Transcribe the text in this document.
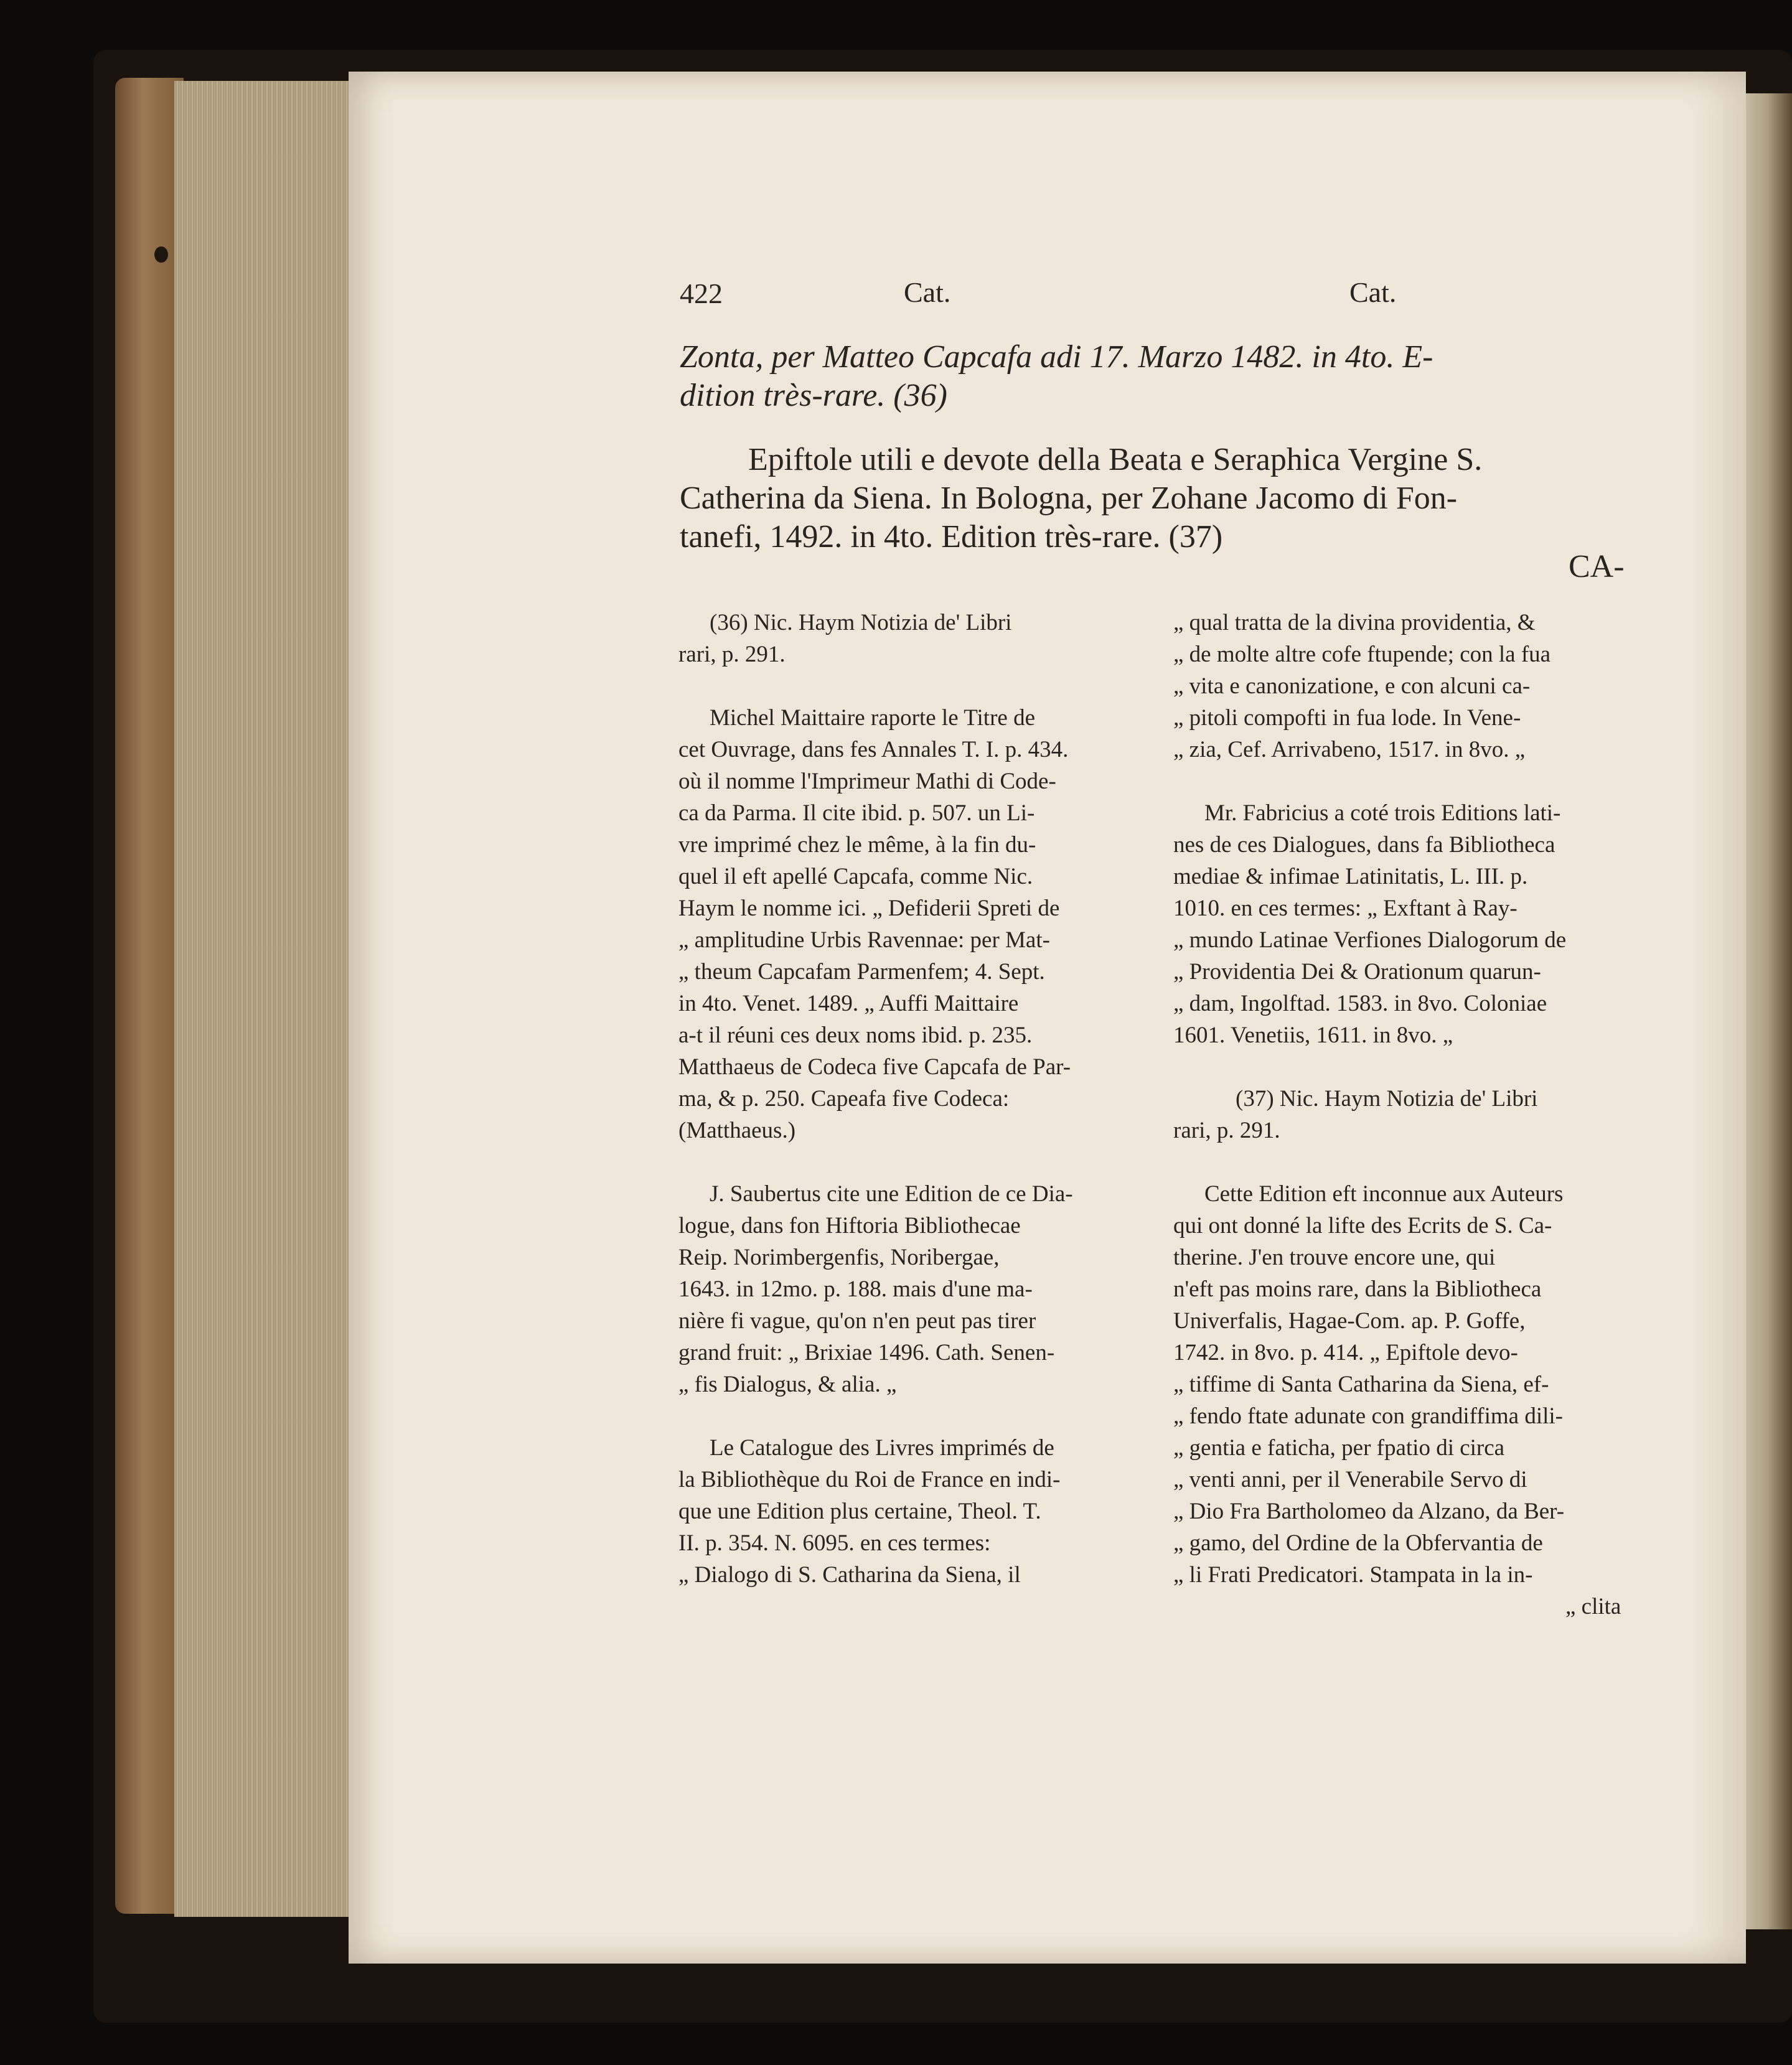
422	Cat.	Cat.
Zonta, per Matteo Capcafa adi 17. Marzo 1482. in 4to. E-
dition très-rare. (36)
Epiftole utili e devote della Beata e Seraphica Vergine S.
Catherina da Siena. In Bologna, per Zohane Jacomo di Fon-
tanefi, 1492. in 4to. Edition très-rare. (37)
CA-
(36) Nic. Haym Notizia de' Libri
rari, p. 291.

Michel Maittaire raporte le Titre de
cet Ouvrage, dans fes Annales T. I. p. 434.
où il nomme l'Imprimeur Mathi di Code-
ca da Parma. Il cite ibid. p. 507. un Li-
vre imprimé chez le même, à la fin du-
quel il eft apellé Capcafa, comme Nic.
Haym le nomme ici. „ Defiderii Spreti de
„ amplitudine Urbis Ravennae: per Mat-
„ theum Capcafam Parmenfem; 4. Sept.
in 4to. Venet. 1489. „ Auffi Maittaire
a-t il réuni ces deux noms ibid. p. 235.
Matthaeus de Codeca five Capcafa de Par-
ma, & p. 250. Capeafa five Codeca:
(Matthaeus.)

J. Saubertus cite une Edition de ce Dia-
logue, dans fon Hiftoria Bibliothecae
Reip. Norimbergenfis, Noribergae,
1643. in 12mo. p. 188. mais d'une ma-
nière fi vague, qu'on n'en peut pas tirer
grand fruit: „ Brixiae 1496. Cath. Senen-
„ fis Dialogus, & alia. „

Le Catalogue des Livres imprimés de
la Bibliothèque du Roi de France en indi-
que une Edition plus certaine, Theol. T.
II. p. 354. N. 6095. en ces termes:
„ Dialogo di S. Catharina da Siena, il
„ qual tratta de la divina providentia, &
„ de molte altre cofe ftupende; con la fua
„ vita e canonizatione, e con alcuni ca-
„ pitoli compofti in fua lode. In Vene-
„ zia, Cef. Arrivabeno, 1517. in 8vo. „

Mr. Fabricius a coté trois Editions lati-
nes de ces Dialogues, dans fa Bibliotheca
mediae & infimae Latinitatis, L. III. p.
1010. en ces termes: „ Exftant à Ray-
„ mundo Latinae Verfiones Dialogorum de
„ Providentia Dei & Orationum quarun-
„ dam, Ingolftad. 1583. in 8vo. Coloniae
1601. Venetiis, 1611. in 8vo. „

(37) Nic. Haym Notizia de' Libri
rari, p. 291.

Cette Edition eft inconnue aux Auteurs
qui ont donné la lifte des Ecrits de S. Ca-
therine. J'en trouve encore une, qui
n'eft pas moins rare, dans la Bibliotheca
Univerfalis, Hagae-Com. ap. P. Goffe,
1742. in 8vo. p. 414. „ Epiftole devo-
„ tiffime di Santa Catharina da Siena, ef-
„ fendo ftate adunate con grandiffima dili-
„ gentia e faticha, per fpatio di circa
„ venti anni, per il Venerabile Servo di
„ Dio Fra Bartholomeo da Alzano, da Ber-
„ gamo, del Ordine de la Obfervantia de
„ li Frati Predicatori. Stampata in la in-
„ clita
